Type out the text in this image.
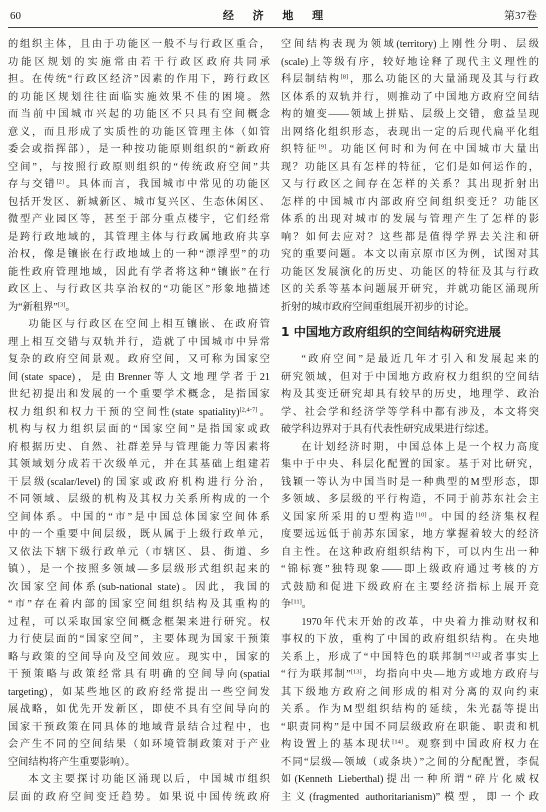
60	经 济 地 理	第37卷
的组织主体，且由于功能区一般不与行政区重合，
功能区规划的实施常由若干行政区政府共同承
担。在传统“行政区经济”因素的作用下，跨行政区
的功能区规划往往面临实施效果不佳的困境。然
而当前中国城市兴起的功能区不只具有空间概念
意义，而且形成了实质性的功能区管理主体（如管
委会或指挥部），是一种按功能原则组织的“新政府
空间”，与按照行政原则组织的“传统政府空间”共
存与交错[2]。具体而言，我国城市中常见的功能区
包括开发区、新城新区、城市复兴区、生态休闲区、
微型产业园区等，甚至于部分重点楼宇，它们经常
是跨行政地域的，其管理主体与行政属地政府共享
治权，像是镶嵌在行政地域上的一种“漂浮型”的功
能性政府管理地域，因此有学者将这种“镶嵌”在行
政区上、与行政区共享治权的“功能区”形象地描述
为“新租界”[3]。
功能区与行政区在空间上相互镶嵌、在政府管
理上相互交错与双轨并行，造就了中国城市中异常
复杂的政府空间景观。政府空间，又可称为国家空
间(state space)，是由Brenner等人文地理学者于21
世纪初提出和发展的一个重要学术概念，是指国家
权力组织和权力干预的空间性(state spatiality)[2,4-7]。
机构与权力组织层面的“国家空间”是指国家或政
府根据历史、自然、社群差异与管理能力等因素将
其领域划分成若干次级单元，并在其基础上组建若
干层级(scalar/level)的国家或政府机构进行分治，
不同领域、层级的机构及其权力关系所构成的一个
空间体系。中国的“市”是中国总体国家空间体系
中的一个重要中间层级，既从属于上级行政单元，
又依法下辖下级行政单元（市辖区、县、街道、乡
镇），是一个按照多领域—多层级形式组织起来的
次国家空间体系(sub-national state)。因此，我国的
“市”存在着内部的国家空间组织结构及其重构的
过程，可以采取国家空间概念框架来进行研究。权
力行使层面的“国家空间”，主要体现为国家干预策
略与政策的空间导向及空间效应。现实中，国家的
干预策略与政策经常具有明确的空间导向(spatial
targeting)，如某些地区的政府经常提出一些空间发
展战略，如优先开发新区，即使不具有空间导向的
国家干预政策在同具体的地域背景结合过程中，也
会产生不同的空间结果（如环境管制政策对于产业
空间结构将产生重要影响）。
本文主要探讨功能区涌现以后，中国城市组织
层面的政府空间变迁趋势。如果说中国传统政府
空间结构表现为领域(territory)上刚性分明、层级
(scale)上等级有序，较好地诠释了现代主义理性的
科层制结构[8]，那么功能区的大量涌现及其与行政
区体系的双轨并行，则推动了中国地方政府空间结
构的嬗变——领域上拼贴、层级上交错，愈益呈现
出网络化组织形态，表现出一定的后现代扁平化组
织特征[9]。功能区何时和为何在中国城市大量出
现？功能区具有怎样的特征，它们是如何运作的，
又与行政区之间存在怎样的关系？其出现折射出
怎样的中国城市内部政府空间组织变迁？功能区
体系的出现对城市的发展与管理产生了怎样的影
响？如何去应对？这些都是值得学界去关注和研
究的重要问题。本文以南京原市区为例，试图对其
功能区发展演化的历史、功能区的特征及其与行政
区的关系等基本问题展开研究，并就功能区涌现所
折射的城市政府空间重组展开初步的讨论。
1 中国地方政府组织的空间结构研究进展
“政府空间”是最近几年才引入和发展起来的
研究领域，但对于中国地方政府权力组织的空间结
构及其变迁研究却具有较早的历史，地理学、政治
学、社会学和经济学等学科中都有涉及，本文将突
破学科边界对于具有代表性研究成果进行综述。
在计划经济时期，中国总体上是一个权力高度
集中于中央、科层化配置的国家。基于对比研究，
钱颖一等认为中国当时是一种典型的M型形态，即
多领域、多层级的平行构造，不同于前苏东社会主
义国家所采用的U型构造[10]。中国的经济集权程
度要远远低于前苏东国家，地方掌握着较大的经济
自主性。在这种政府组织结构下，可以内生出一种
“锦标赛”独特现象——即上级政府通过考核的方
式鼓励和促进下级政府在主要经济指标上展开竞
争[11]。
1970年代末开始的改革，中央着力推动财权和
事权的下放，重构了中国的政府组织结构。在央地
关系上，形成了“中国特色的联邦制”[12]或者事实上
“行为联邦制”[13]，均指向中央—地方或地方政府与
其下级地方政府之间形成的相对分离的双向约束
关系。作为M型组织结构的延续，朱光磊等提出
“职责同构”是中国不同层级政府在职能、职责和机
构设置上的基本现状[14]。观察到中国政府权力在
不同“层级—领域（或条块）”之间的分配配置，李侃
如(Kenneth Lieberthal)提出一种所谓“碎片化威权
主义(fragmented authoritarianism)”模型，即一个政
